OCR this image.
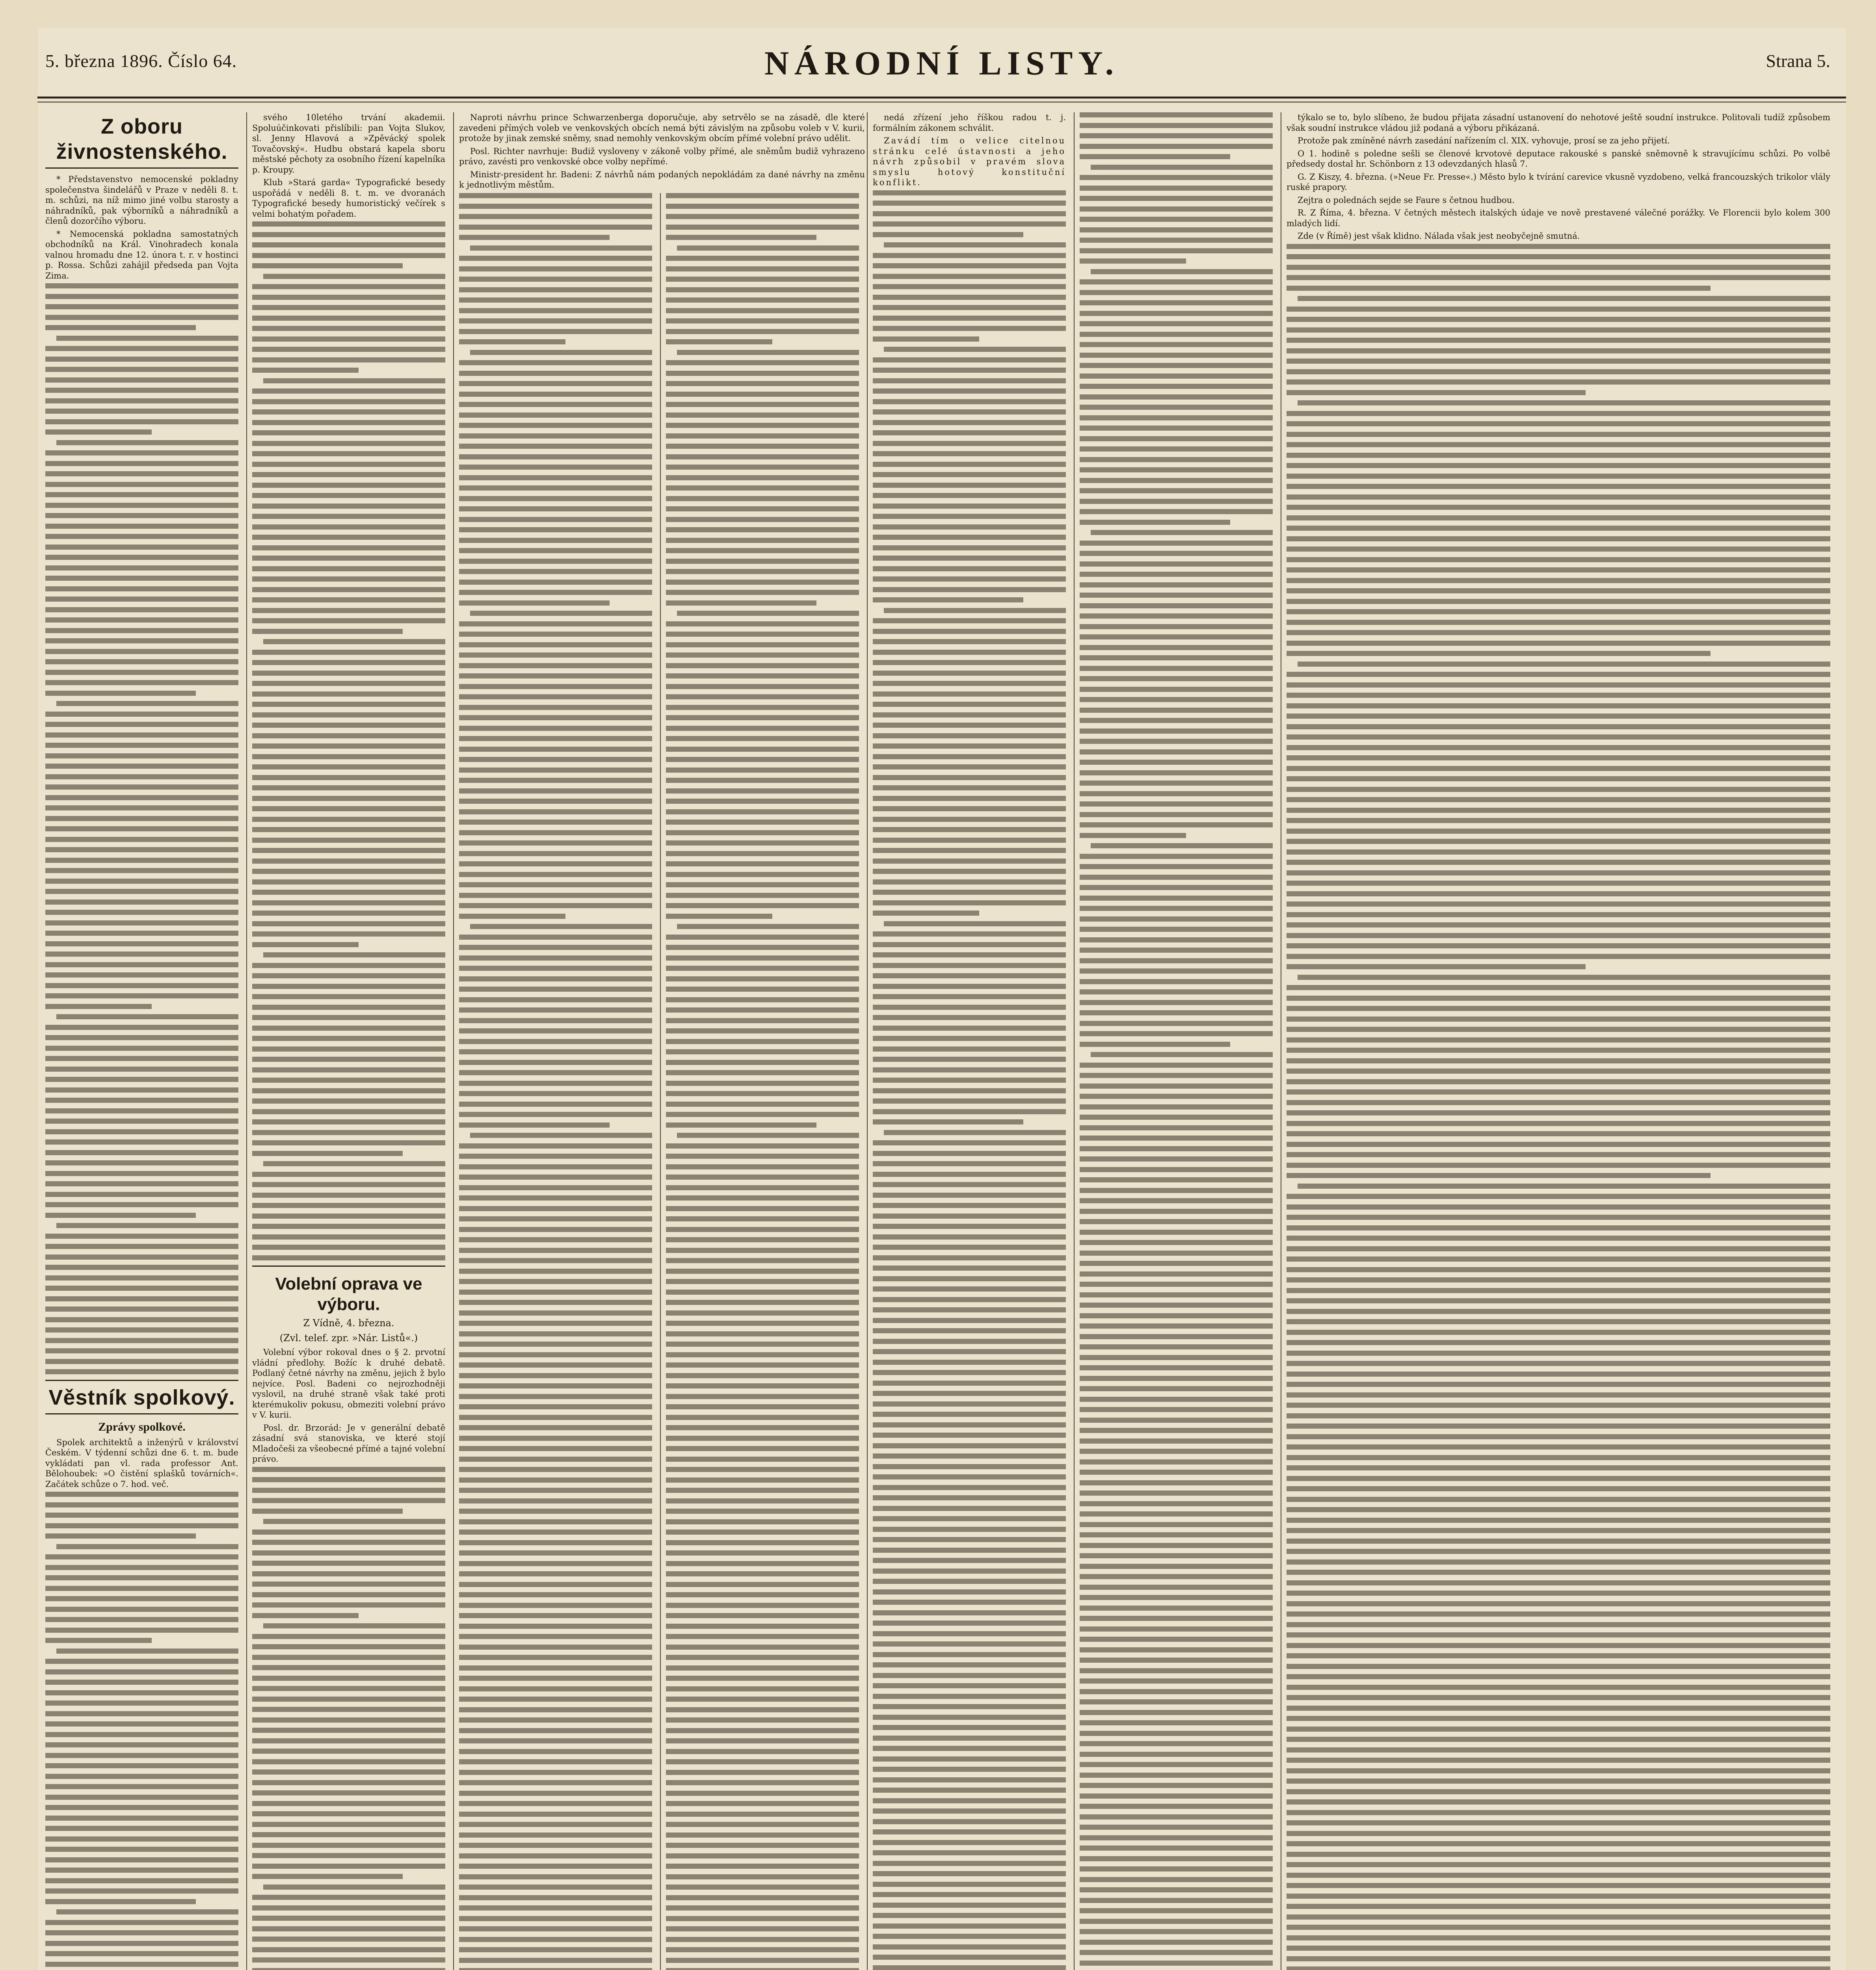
5. března 1896. Číslo 64.	NÁRODNÍ LISTY.	Strana 5.
Z oboru živnostenského.

* Představenstvo nemocenské pokladny společenstva šindelářů v Praze v neděli 8. t. m. schůzi, na níž mimo jiné volbu starosty a náhradníků, pak výborníků a náhradníků a členů dozorčího výboru.

* Nemocenská pokladna samostatných obchodníků na Král. Vinohradech konala valnou hromadu dne 12. února t. r. v hostinci p. Rossa. Schůzi zahájil předseda pan Vojta Zima.

Věstník spolkový.
Zprávy spolkové.

Spolek architektů a inženýrů v království Českém. V týdenní schůzi dne 6. t. m. bude vykládati pan vl. rada professor Ant. Bělohoubek: »O čistění splašků továrních«. Začátek schůze o 7. hod. več.

svého 10letého trvání akademii. Spoluúčinkovati přislíbili: pan Vojta Slukov, sl. Jenny Hlavová a »Zpěvácký spolek Tovačovský«. Hudbu obstará kapela sboru městské pěchoty za osobního řízení kapelníka p. Kroupy.

Klub »Stará garda« Typografické besedy uspořádá v neděli 8. t. m. ve dvoranách Typografické besedy humoristický večírek s velmi bohatým pořadem.

Volební oprava ve výboru.
Z Vídně, 4. března.
(Zvl. telef. zpr. »Nár. Listů«.)

Volební výbor rokoval dnes o § 2. prvotní vládní předlohy. Božíc k druhé debatě. Podlaný četné návrhy na změnu, jejich ž bylo nejvíce. Posl. Badeni co nejrozhodněji vyslovil, na druhé straně však také proti kterémukoliv pokusu, obmeziti volební právo v V. kurii.

Posl. dr. Brzorád: Je v generální debatě zásadní svá stanoviska, ve které stojí Mladočeši za všeobecné přímé a tajné volební právo.

Naproti návrhu prince Schwarzenberga doporučuje, aby setrvělo se na zásadě, dle které zavedeni přímých voleb ve venkovských obcích nemá býti závislým na způsobu voleb v V. kurii, protože by jinak zemské sněmy, snad nemohly venkovským obcím přímé volební právo udělit.

Posl. Richter navrhuje: Budiž vysloveny v zákoně volby přímé, ale sněmům budiž vyhrazeno právo, zavésti pro venkovské obce volby nepřímé.

Ministr-president hr. Badeni: Z návrhů nám podaných nepokládám za dané návrhy na změnu k jednotlivým městům.

nedá zřízení jeho říškou radou t. j. formálním zákonem schválit.

Zavádí tím o velice citelnou stránku celé ústavnosti a jeho návrh způsobil v pravém slova smyslu hotový konstituční konflikt.

týkalo se to, bylo slíbeno, že budou přijata zásadní ustanovení do nehotové ještě soudní instrukce. Politovali tudíž způsobem však soudní instrukce vládou již podaná a výboru přikázaná.

Protože pak zmíněné návrh zasedání nařízením cl. XIX. vyhovuje, prosí se za jeho přijetí.

O 1. hodině s poledne sešli se členové krvotové deputace rakouské s panské sněmovně k stravujícímu schůzi. Po volbě předsedy dostal hr. Schönborn z 13 odevzdaných hlasů 7.

G. Z Kiszy, 4. března. (»Neue Fr. Presse«.) Město bylo k tvírání carevice vkusně vyzdobeno, velká francouzských trikolor vlály ruské prapory.

Zejtra o polednách sejde se Faure s četnou hudbou.

R. Z Říma, 4. března. V četných městech italských údaje ve nově prestavené válečné porážky. Ve Florencii bylo kolem 300 mladých lidí.

Zde (v Římě) jest však klidno. Nálada však jest neobyčejně smutná.
